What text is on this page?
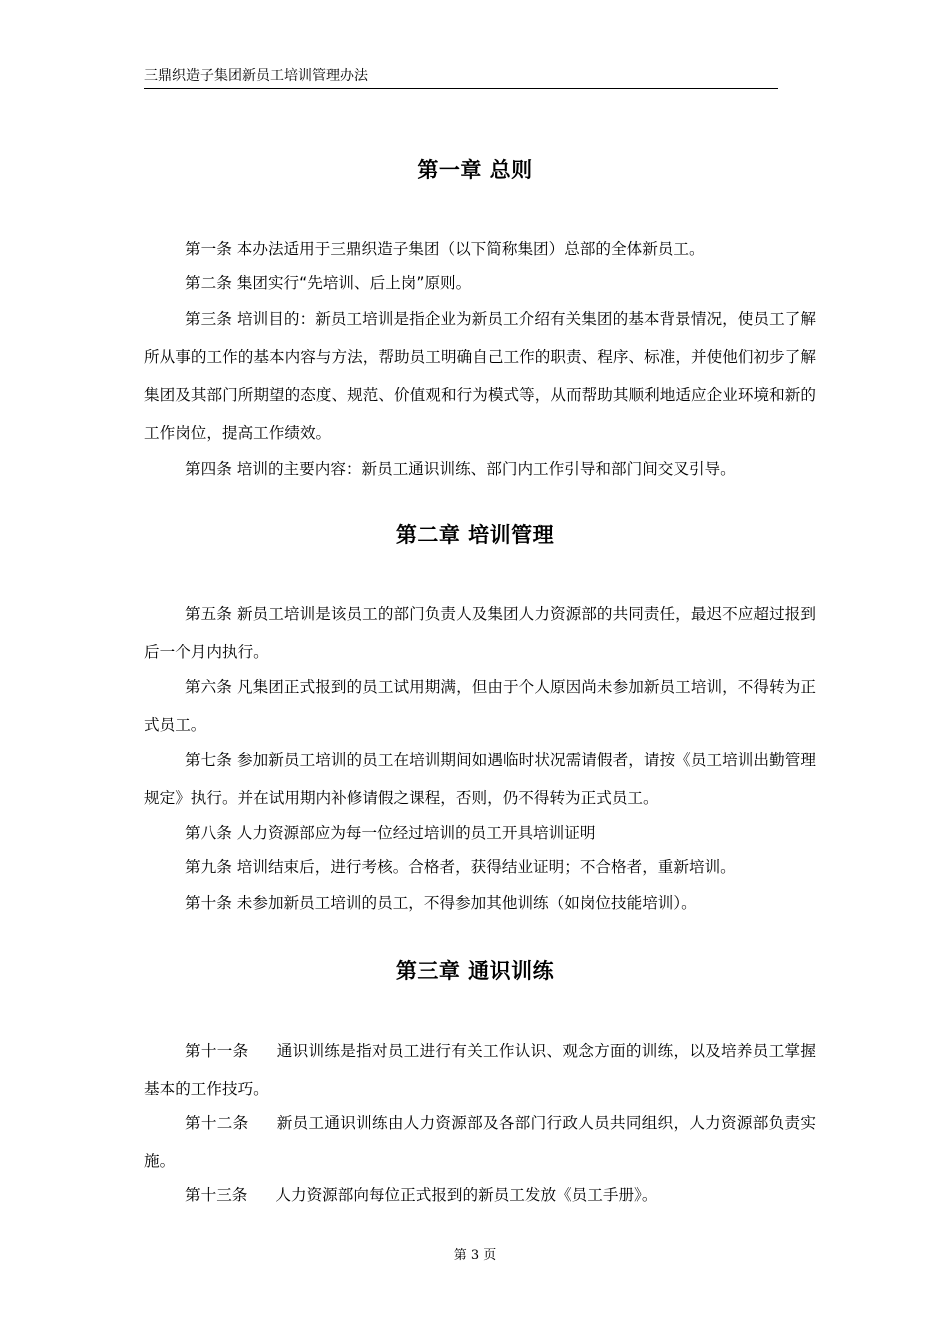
三鼎织造子集团新员工培训管理办法
第一章 总则

第一条 本办法适用于三鼎织造子集团（以下简称集团）总部的全体新员工。

第二条 集团实行“先培训、后上岗”原则。

第三条 培训目的：新员工培训是指企业为新员工介绍有关集团的基本背景情况，使员工了解所从事的工作的基本内容与方法，帮助员工明确自己工作的职责、程序、标准，并使他们初步了解集团及其部门所期望的态度、规范、价值观和行为模式等，从而帮助其顺利地适应企业环境和新的工作岗位，提高工作绩效。

第四条 培训的主要内容：新员工通识训练、部门内工作引导和部门间交叉引导。

第二章 培训管理

第五条 新员工培训是该员工的部门负责人及集团人力资源部的共同责任，最迟不应超过报到后一个月内执行。

第六条 凡集团正式报到的员工试用期满，但由于个人原因尚未参加新员工培训，不得转为正式员工。

第七条 参加新员工培训的员工在培训期间如遇临时状况需请假者，请按《员工培训出勤管理规定》执行。并在试用期内补修请假之课程，否则，仍不得转为正式员工。

第八条 人力资源部应为每一位经过培训的员工开具培训证明

第九条 培训结束后，进行考核。合格者，获得结业证明；不合格者，重新培训。

第十条 未参加新员工培训的员工，不得参加其他训练（如岗位技能培训）。

第三章 通识训练

第十一条 通识训练是指对员工进行有关工作认识、观念方面的训练，以及培养员工掌握基本的工作技巧。

第十二条 新员工通识训练由人力资源部及各部门行政人员共同组织，人力资源部负责实施。

第十三条 人力资源部向每位正式报到的新员工发放《员工手册》。

第 3 页
